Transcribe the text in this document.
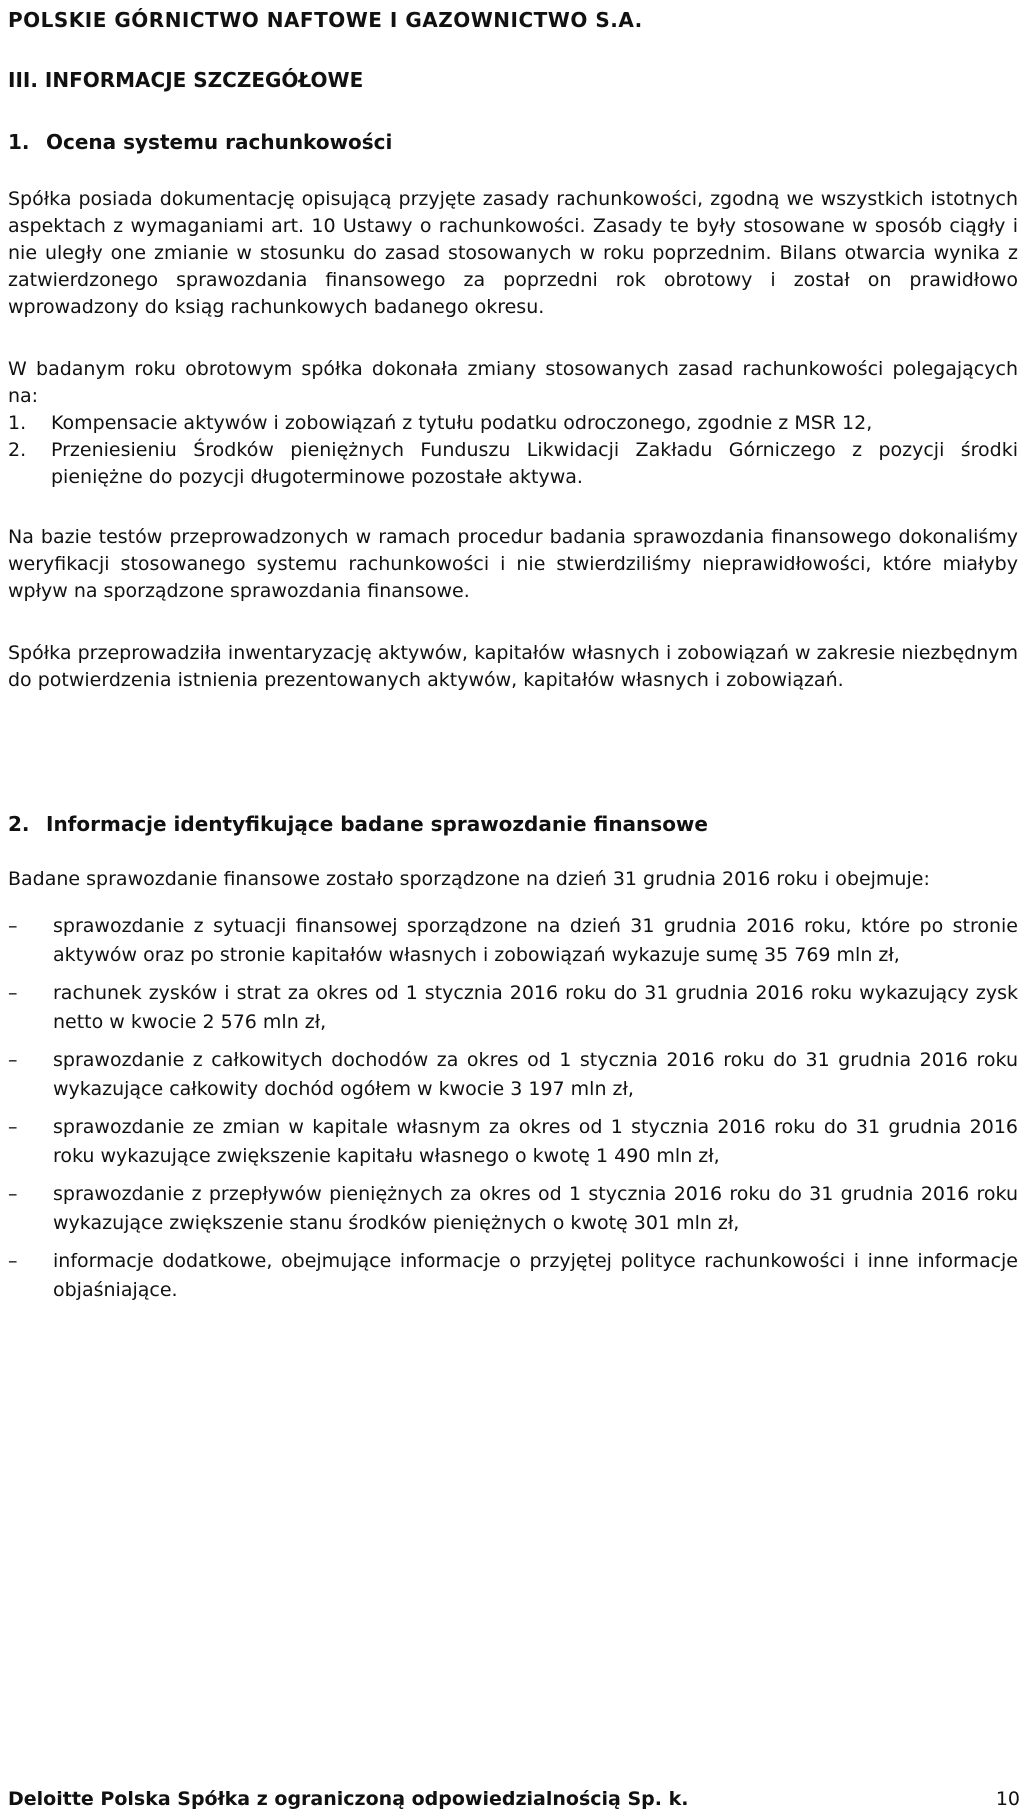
POLSKIE GÓRNICTWO NAFTOWE I GAZOWNICTWO S.A.
III. INFORMACJE SZCZEGÓŁOWE
1. Ocena systemu rachunkowości

Spółka posiada dokumentację opisującą przyjęte zasady rachunkowości, zgodną we wszystkich istotnych aspektach z wymaganiami art. 10 Ustawy o rachunkowości. Zasady te były stosowane w sposób ciągły i nie uległy one zmianie w stosunku do zasad stosowanych w roku poprzednim. Bilans otwarcia wynika z zatwierdzonego sprawozdania finansowego za poprzedni rok obrotowy i został on prawidłowo wprowadzony do ksiąg rachunkowych badanego okresu.

W badanym roku obrotowym spółka dokonała zmiany stosowanych zasad rachunkowości polegających na:

1. Kompensacie aktywów i zobowiązań z tytułu podatku odroczonego, zgodnie z MSR 12,
2. Przeniesieniu Środków pieniężnych Funduszu Likwidacji Zakładu Górniczego z pozycji środki pieniężne do pozycji długoterminowe pozostałe aktywa.

Na bazie testów przeprowadzonych w ramach procedur badania sprawozdania finansowego dokonaliśmy weryfikacji stosowanego systemu rachunkowości i nie stwierdziliśmy nieprawidłowości, które miałyby wpływ na sporządzone sprawozdania finansowe.

Spółka przeprowadziła inwentaryzację aktywów, kapitałów własnych i zobowiązań w zakresie niezbędnym do potwierdzenia istnienia prezentowanych aktywów, kapitałów własnych i zobowiązań.

2. Informacje identyfikujące badane sprawozdanie finansowe

Badane sprawozdanie finansowe zostało sporządzone na dzień 31 grudnia 2016 roku i obejmuje:

– sprawozdanie z sytuacji finansowej sporządzone na dzień 31 grudnia 2016 roku, które po stronie aktywów oraz po stronie kapitałów własnych i zobowiązań wykazuje sumę 35 769 mln zł,
– rachunek zysków i strat za okres od 1 stycznia 2016 roku do 31 grudnia 2016 roku wykazujący zysk netto w kwocie 2 576 mln zł,
– sprawozdanie z całkowitych dochodów za okres od 1 stycznia 2016 roku do 31 grudnia 2016 roku wykazujące całkowity dochód ogółem w kwocie 3 197 mln zł,
– sprawozdanie ze zmian w kapitale własnym za okres od 1 stycznia 2016 roku do 31 grudnia 2016 roku wykazujące zwiększenie kapitału własnego o kwotę 1 490 mln zł,
– sprawozdanie z przepływów pieniężnych za okres od 1 stycznia 2016 roku do 31 grudnia 2016 roku wykazujące zwiększenie stanu środków pieniężnych o kwotę 301 mln zł,
– informacje dodatkowe, obejmujące informacje o przyjętej polityce rachunkowości i inne informacje objaśniające.
Deloitte Polska Spółka z ograniczoną odpowiedzialnością Sp. k.	10
